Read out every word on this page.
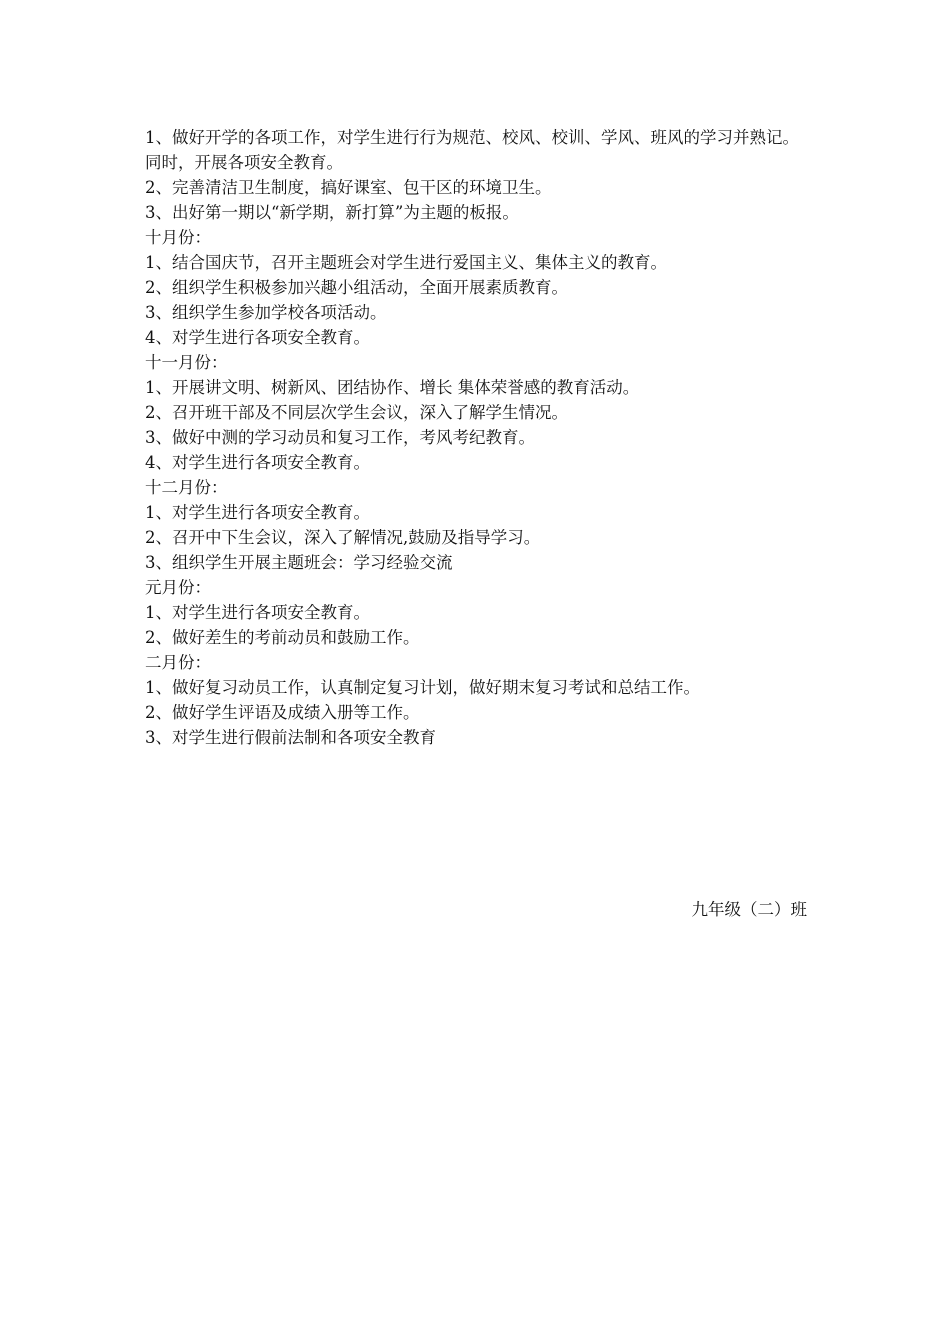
1、做好开学的各项工作，对学生进行行为规范、校风、校训、学风、班风的学习并熟记。同时，开展各项安全教育。
2、完善清洁卫生制度，搞好课室、包干区的环境卫生。
3、出好第一期以“新学期，新打算”为主题的板报。
十月份：
1、结合国庆节，召开主题班会对学生进行爱国主义、集体主义的教育。
2、组织学生积极参加兴趣小组活动，全面开展素质教育。
3、组织学生参加学校各项活动。
4、对学生进行各项安全教育。
十一月份：
1、开展讲文明、树新风、团结协作、增长 集体荣誉感的教育活动。
2、召开班干部及不同层次学生会议，深入了解学生情况。
3、做好中测的学习动员和复习工作，考风考纪教育。
4、对学生进行各项安全教育。
十二月份：
1、对学生进行各项安全教育。
2、召开中下生会议，深入了解情况,鼓励及指导学习。
3、组织学生开展主题班会：学习经验交流
元月份：
1、对学生进行各项安全教育。
2、做好差生的考前动员和鼓励工作。
二月份：
1、做好复习动员工作，认真制定复习计划，做好期末复习考试和总结工作。
2、做好学生评语及成绩入册等工作。
3、对学生进行假前法制和各项安全教育
九年级（二）班
